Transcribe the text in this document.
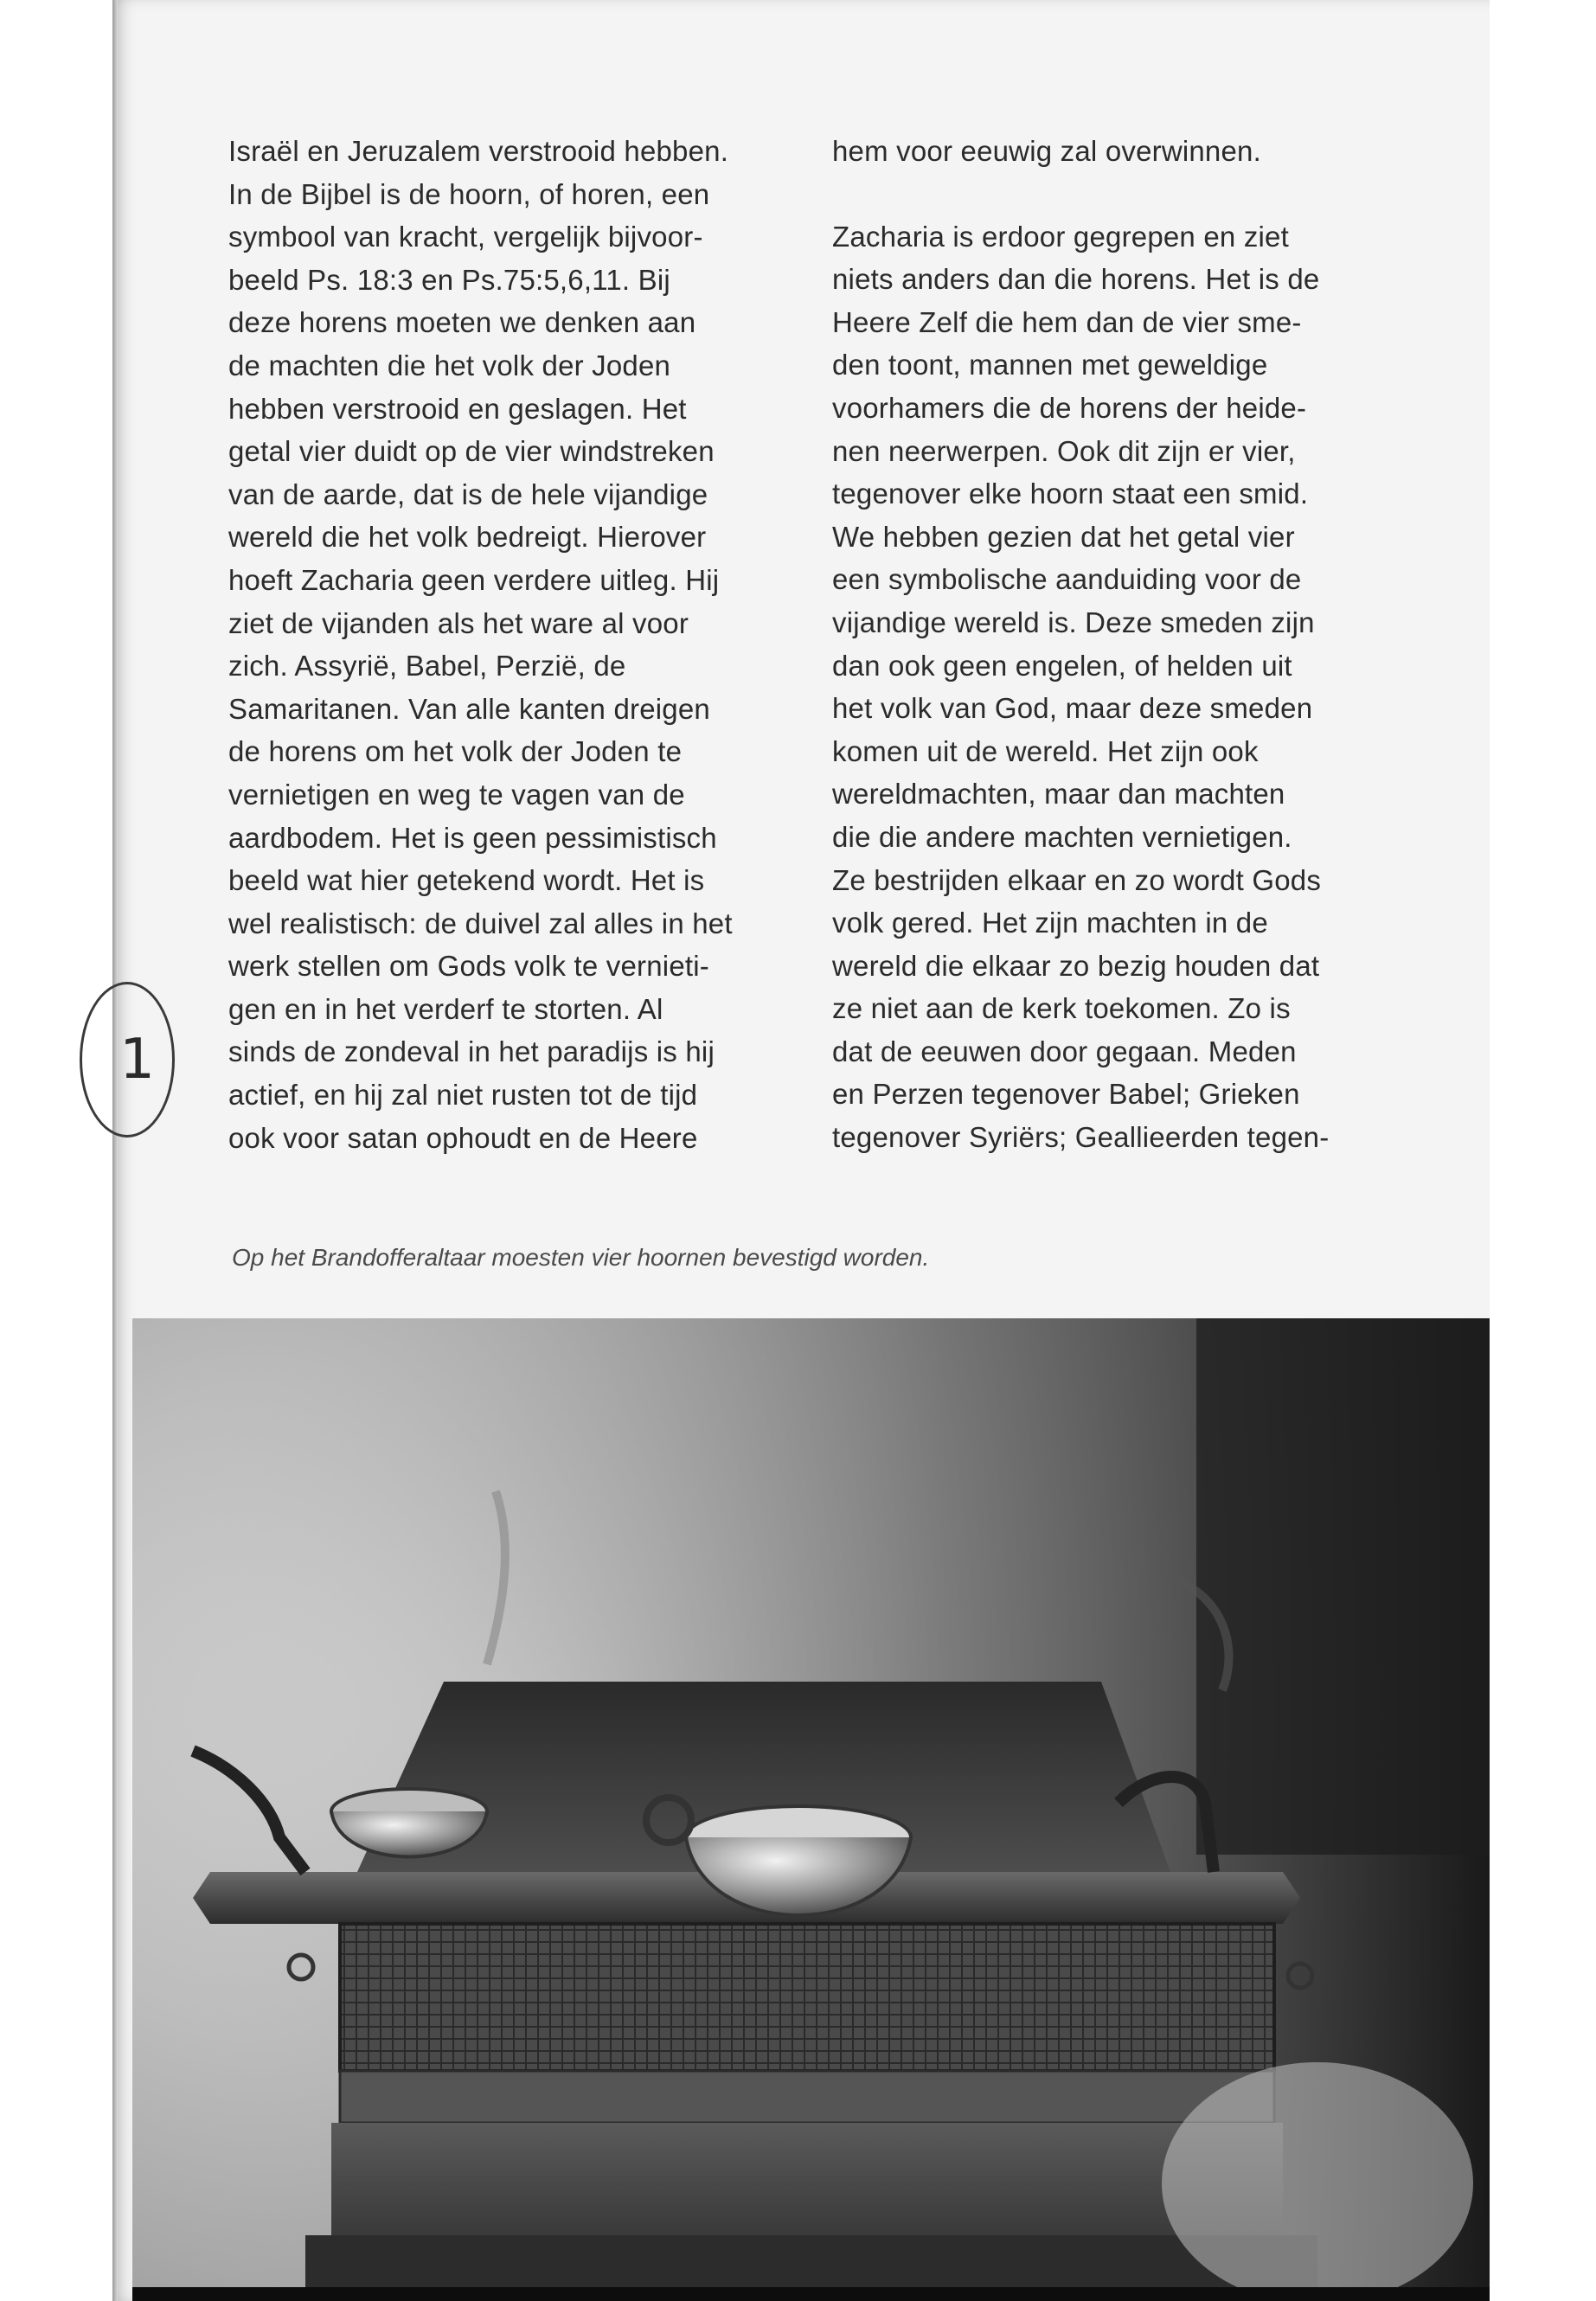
1

Israël en Jeruzalem verstrooid hebben.

In de Bijbel is de hoorn, of horen, een

symbool van kracht, vergelijk bijvoor-

beeld Ps. 18:3 en Ps.75:5,6,11. Bij

deze horens moeten we denken aan

de machten die het volk der Joden

hebben verstrooid en geslagen. Het

getal vier duidt op de vier windstreken

van de aarde, dat is de hele vijandige

wereld die het volk bedreigt. Hierover

hoeft Zacharia geen verdere uitleg. Hij

ziet de vijanden als het ware al voor

zich. Assyrië, Babel, Perzië, de

Samaritanen. Van alle kanten dreigen

de horens om het volk der Joden te

vernietigen en weg te vagen van de

aardbodem. Het is geen pessimistisch

beeld wat hier getekend wordt. Het is

wel realistisch: de duivel zal alles in het

werk stellen om Gods volk te vernieti-

gen en in het verderf te storten. Al

sinds de zondeval in het paradijs is hij

actief, en hij zal niet rusten tot de tijd

ook voor satan ophoudt en de Heere

hem voor eeuwig zal overwinnen.

Zacharia is erdoor gegrepen en ziet

niets anders dan die horens. Het is de

Heere Zelf die hem dan de vier sme-

den toont, mannen met geweldige

voorhamers die de horens der heide-

nen neerwerpen. Ook dit zijn er vier,

tegenover elke hoorn staat een smid.

We hebben gezien dat het getal vier

een symbolische aanduiding voor de

vijandige wereld is. Deze smeden zijn

dan ook geen engelen, of helden uit

het volk van God, maar deze smeden

komen uit de wereld. Het zijn ook

wereldmachten, maar dan machten

die die andere machten vernietigen.

Ze bestrijden elkaar en zo wordt Gods

volk gered. Het zijn machten in de

wereld die elkaar zo bezig houden dat

ze niet aan de kerk toekomen. Zo is

dat de eeuwen door gegaan. Meden

en Perzen tegenover Babel; Grieken

tegenover Syriërs; Geallieerden tegen-

Op het Brandofferaltaar moesten vier hoornen bevestigd worden.
